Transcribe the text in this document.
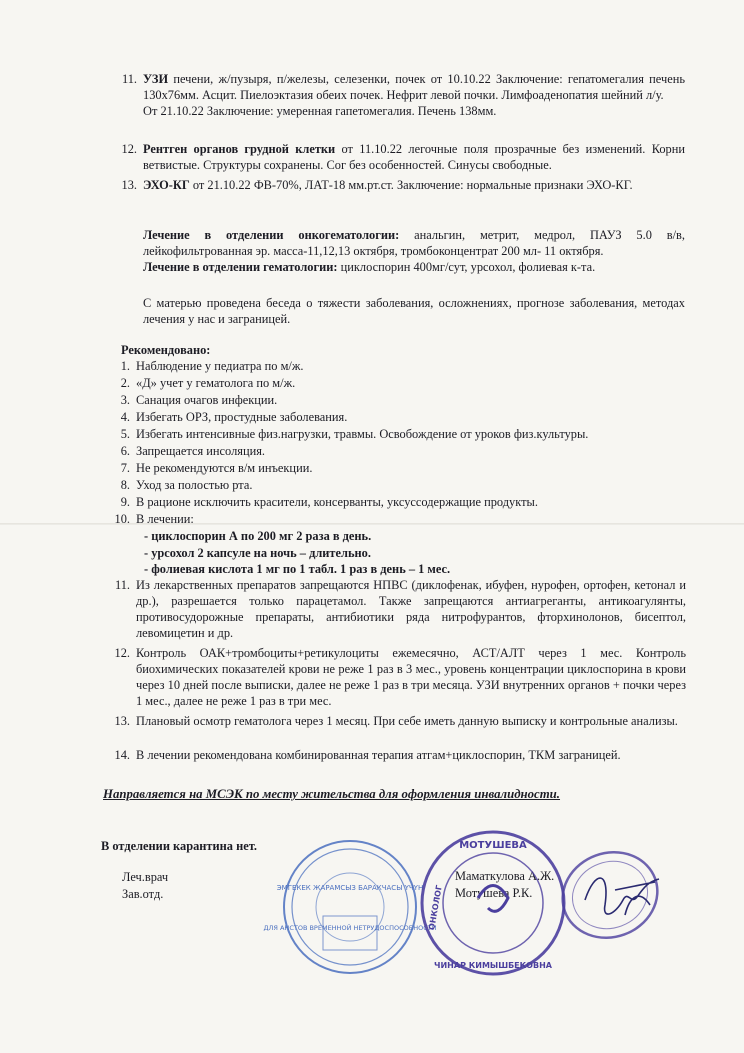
11. УЗИ печени, ж/пузыря, п/железы, селезенки, почек от 10.10.22 Заключение: гепатомегалия печень 130х76мм. Асцит. Пиелоэктазия обеих почек. Нефрит левой почки. Лимфоаденопатия шейний л/у.
От 21.10.22 Заключение: умеренная гапетомегалия. Печень 138мм.
12. Рентген органов грудной клетки от 11.10.22 легочные поля прозрачные без изменений. Корни ветвистые. Структуры сохранены. Сог без особенностей. Синусы свободные.
13. ЭХО-КГ от 21.10.22 ФВ-70%, ЛАТ-18 мм.рт.ст. Заключение: нормальные признаки ЭХО-КГ.
Лечение в отделении онкогематологии: анальгин, метрит, медрол, ПАУЗ 5.0 в/в, лейкофильтрованная эр. масса-11,12,13 октября, тромбоконцентрат 200 мл- 11 октября.
Лечение в отделении гематологии: циклоспорин 400мг/сут, урсохол, фолиевая к-та.
С матерью проведена беседа о тяжести заболевания, осложнениях, прогнозе заболевания, методах лечения у нас и заграницей.
Рекомендовано:
1. Наблюдение у педиатра по м/ж.
2. «Д» учет у гематолога по м/ж.
3. Санация очагов инфекции.
4. Избегать ОРЗ, простудные заболевания.
5. Избегать интенсивные физ.нагрузки, травмы. Освобождение от уроков физ.культуры.
6. Запрещается инсоляция.
7. Не рекомендуются в/м инъекции.
8. Уход за полостью рта.
9. В рационе исключить красители, консерванты, уксуссодержащие продукты.
10. В лечении:
- циклоспорин А по 200 мг 2 раза в день.
- урсохол 2 капсуле на ночь – длительно.
- фолиевая кислота 1 мг по 1 табл. 1 раз в день – 1 мес.
11. Из лекарственных препаратов запрещаются НПВС (диклофенак, ибуфен, нурофен, ортофен, кетонал и др.), разрешается только парацетамол. Также запрещаются антиагреганты, антикоагулянты, противосудорожные препараты, антибиотики ряда нитрофурантов, фторхинолонов, бисептол, левомицетин и др.
12. Контроль ОАК+тромбоциты+ретикулоциты ежемесячно, АСТ/АЛТ через 1 мес. Контроль биохимических показателей крови не реже 1 раз в 3 мес., уровень концентрации циклоспорина в крови через 10 дней после выписки, далее не реже 1 раз в три месяца. УЗИ внутренних органов + почки через 1 мес., далее не реже 1 раз в три мес.
13. Плановый осмотр гематолога через 1 месяц. При себе иметь данную выписку и контрольные анализы.
14. В лечении рекомендована комбинированная терапия атгам+циклоспорин, ТКМ заграницей.
Направляется на МСЭК по месту жительства для оформления инвалидности.
В отделении карантина нет.
Леч.врач
Зав.отд.
Маматкулова А.Ж.
Мотушева Р.К.
ЭМГЕКЕК ЖАРАМСЫЗ БАРАКЧАСЫ ҮЧҮН
ДЛЯ АНСТОВ ВРЕМЕННОЙ НЕТРУДОСПОСОБНОСТИ
МОТУШЕВА
ЧИНАР КИМЫШБЕКОВНА
ОНКОЛОГ
